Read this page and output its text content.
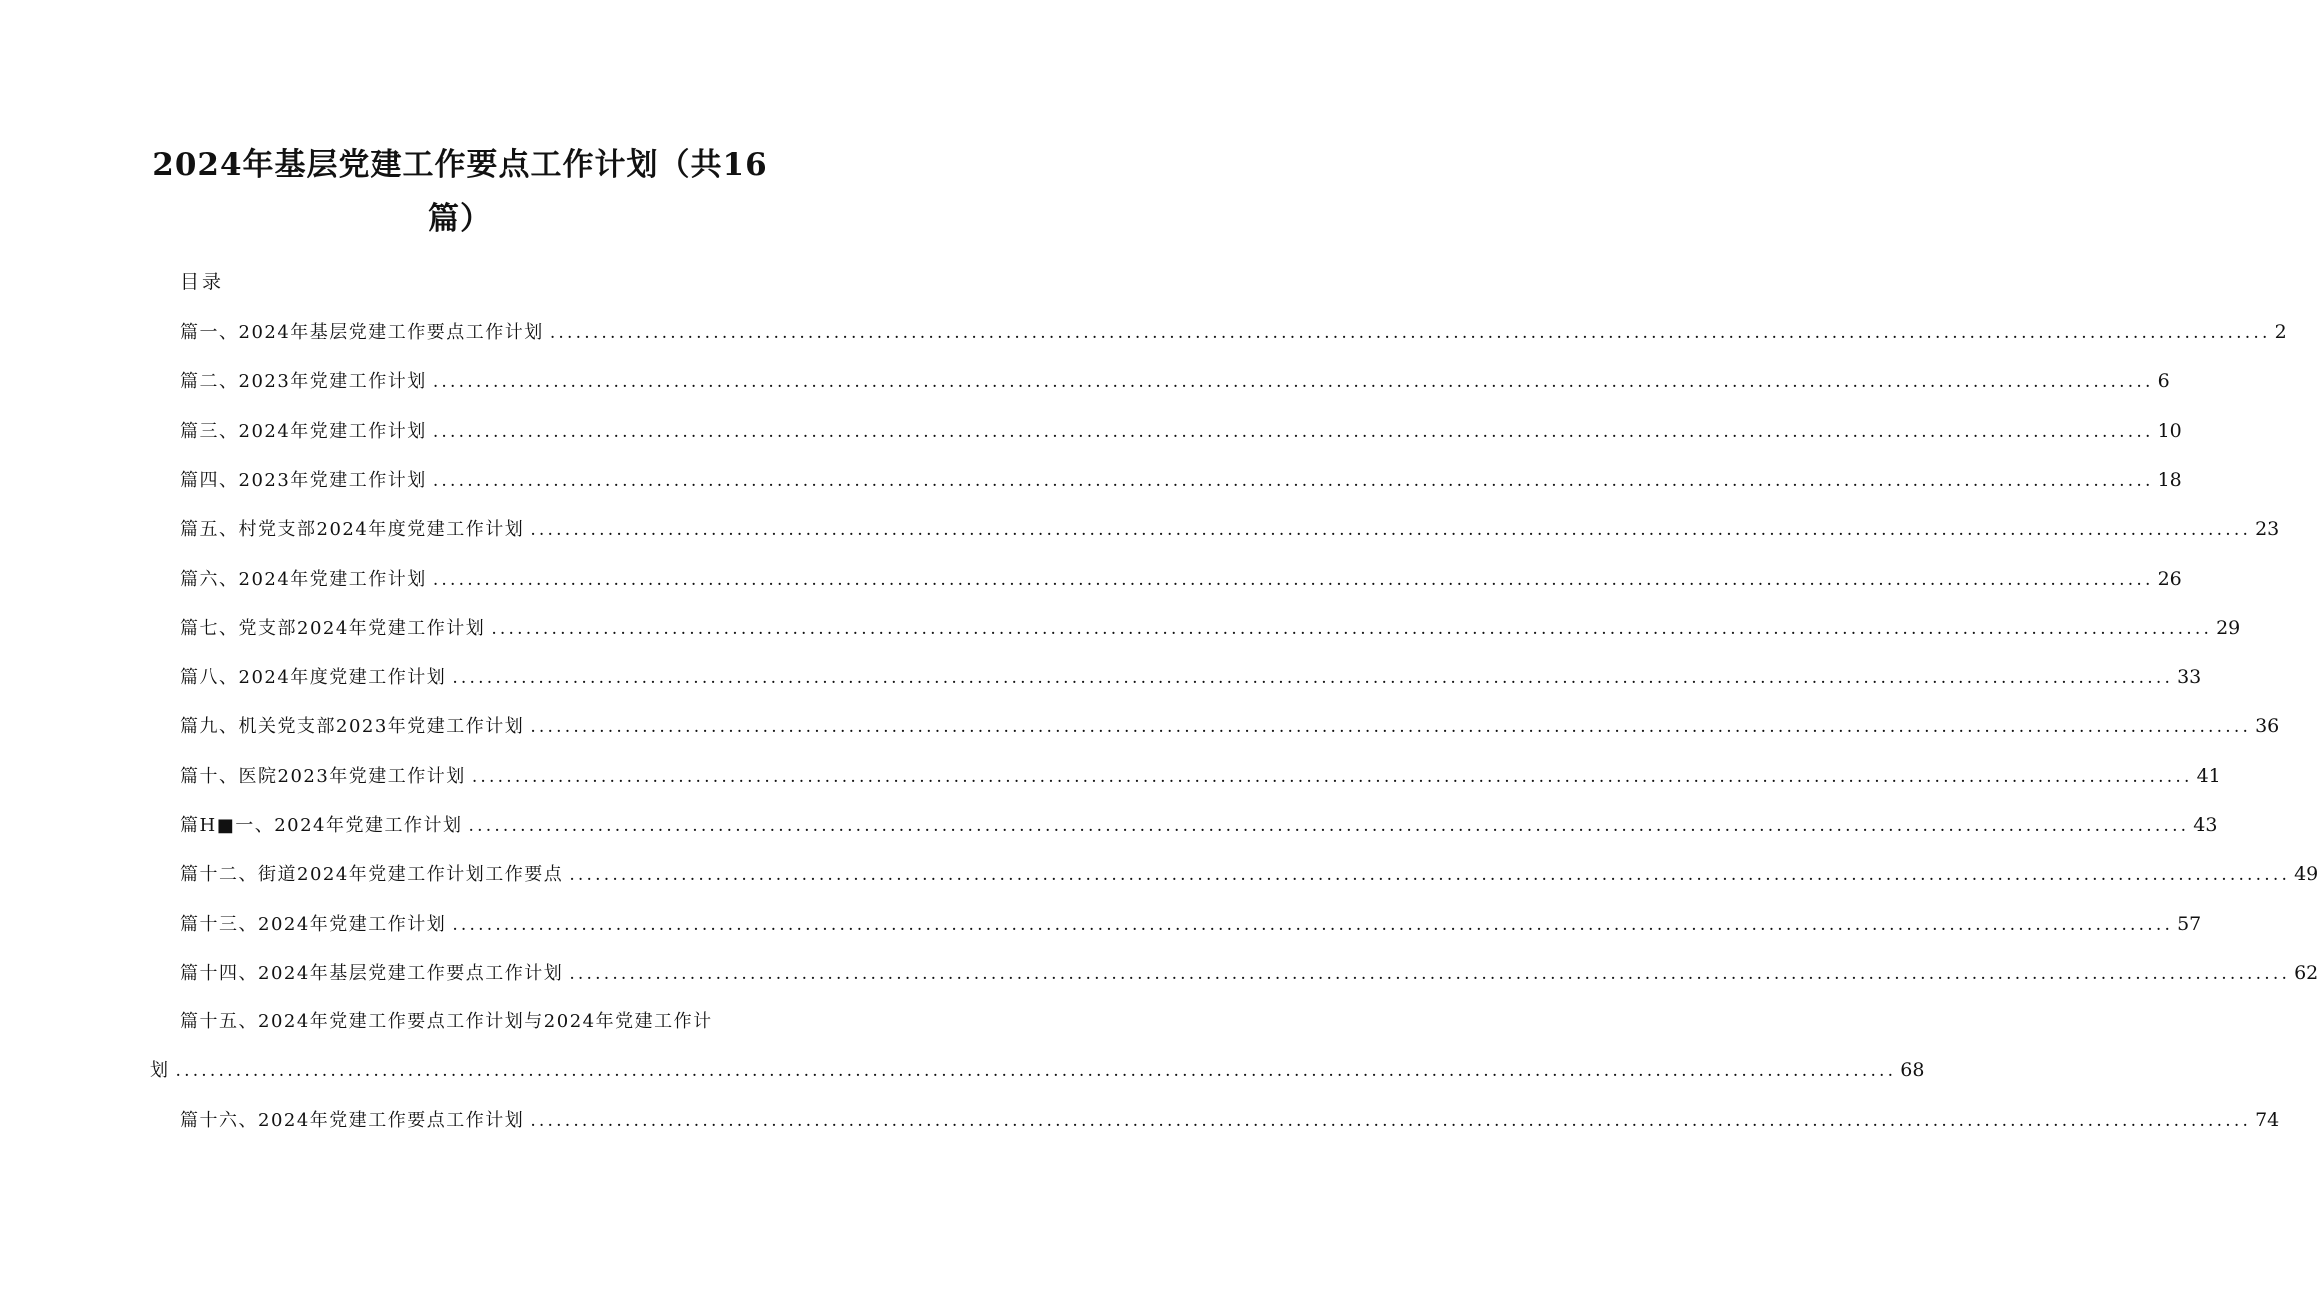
2024年基层党建工作要点工作计划（共16
篇）
目录
篇一、2024年基层党建工作要点工作计划 ........................................................................................................................................................................................................ 2
篇二、2023年党建工作计划 ........................................................................................................................................................................................................ 6
篇三、2024年党建工作计划 ........................................................................................................................................................................................................ 10
篇四、2023年党建工作计划 ........................................................................................................................................................................................................ 18
篇五、村党支部2024年度党建工作计划 ........................................................................................................................................................................................................ 23
篇六、2024年党建工作计划 ........................................................................................................................................................................................................ 26
篇七、党支部2024年党建工作计划 ........................................................................................................................................................................................................ 29
篇八、2024年度党建工作计划 ........................................................................................................................................................................................................ 33
篇九、机关党支部2023年党建工作计划 ........................................................................................................................................................................................................ 36
篇十、医院2023年党建工作计划 ........................................................................................................................................................................................................ 41
篇H■一、2024年党建工作计划 ........................................................................................................................................................................................................ 43
篇十二、街道2024年党建工作计划工作要点 ........................................................................................................................................................................................................ 49
篇十三、2024年党建工作计划 ........................................................................................................................................................................................................ 57
篇十四、2024年基层党建工作要点工作计划 ........................................................................................................................................................................................................ 62
篇十五、2024年党建工作要点工作计划与2024年党建工作计
划 ........................................................................................................................................................................................................ 68
篇十六、2024年党建工作要点工作计划 ........................................................................................................................................................................................................ 74
